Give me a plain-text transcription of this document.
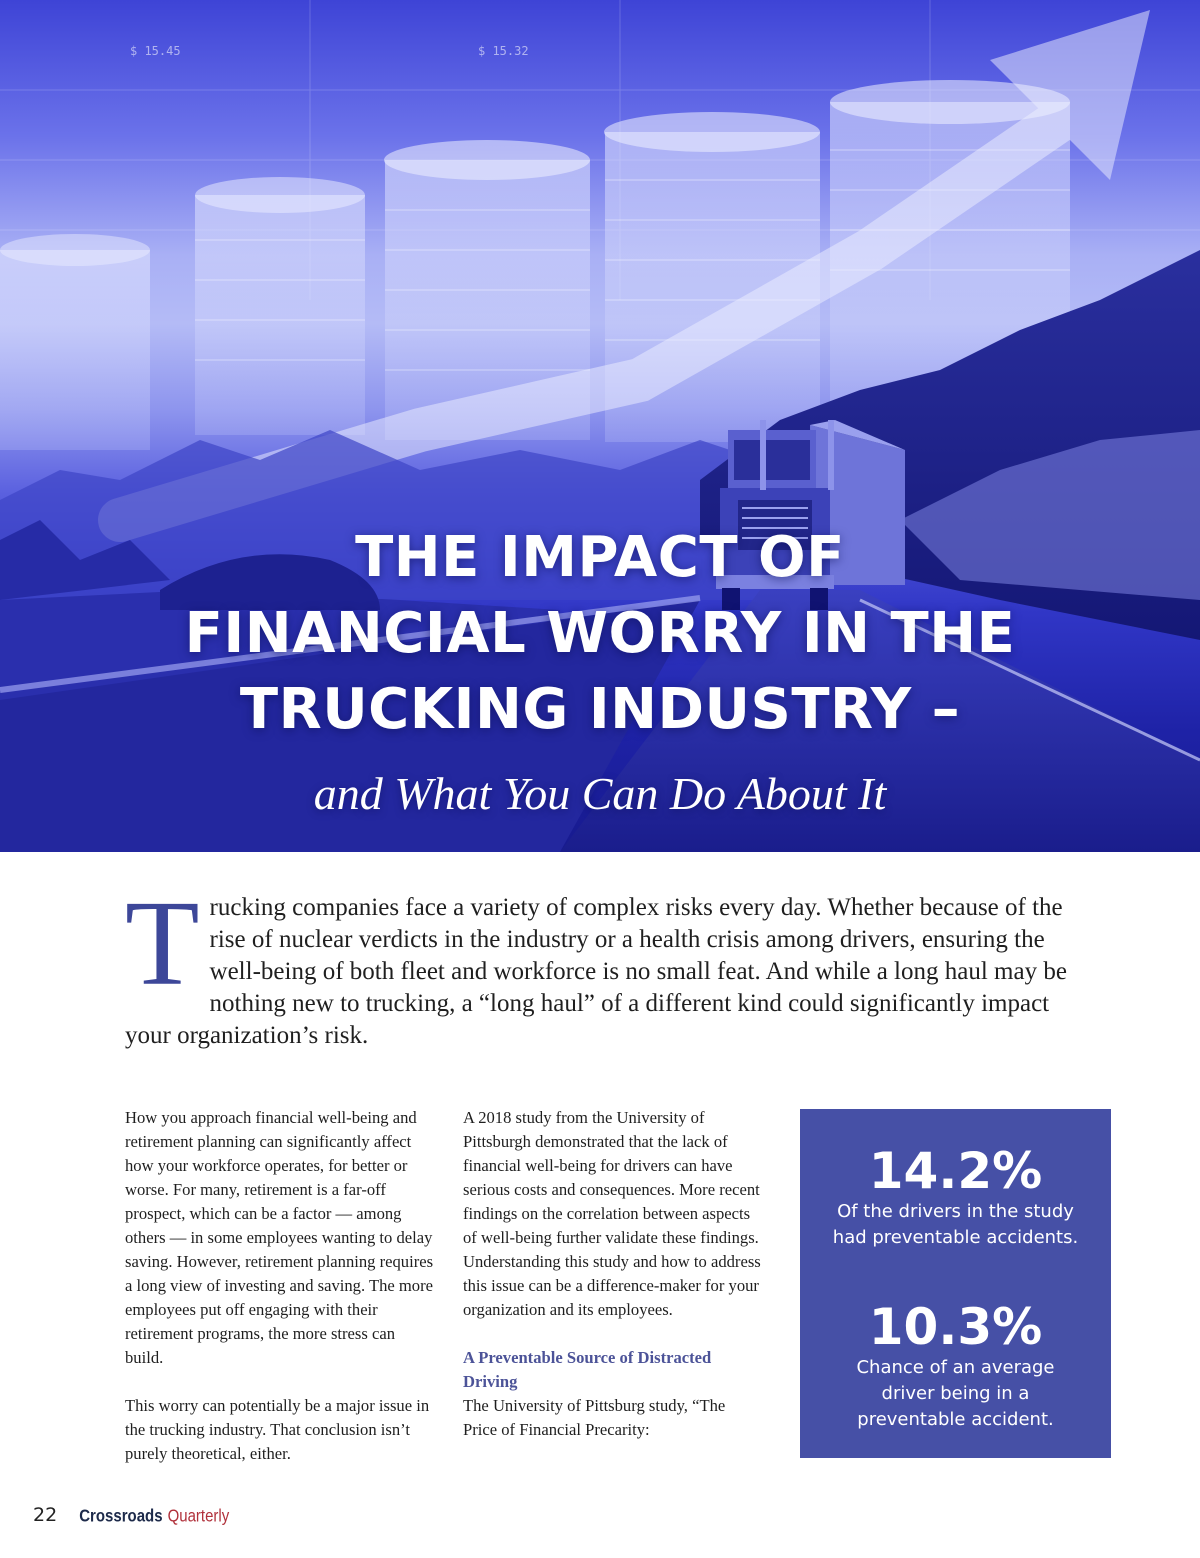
$ 15.45	$ 15.32
THE IMPACT OF
FINANCIAL WORRY IN THE
TRUCKING INDUSTRY –
and What You Can Do About It
T rucking companies face a variety of complex risks every day. Whether because of the rise of nuclear verdicts in the industry or a health crisis among drivers, ensuring the well-being of both fleet and workforce is no small feat. And while a long haul may be nothing new to trucking, a “long haul” of a different kind could significantly impact your organization’s risk.

How you approach financial well-being and retirement planning can significantly affect how your workforce operates, for better or worse. For many, retirement is a far-off prospect, which can be a factor — among others — in some employees wanting to delay saving. However, retirement planning requires a long view of investing and saving. The more employees put off engaging with their retirement programs, the more stress can build.

This worry can potentially be a major issue in the trucking industry. That conclusion isn’t purely theoretical, either.

A 2018 study from the University of Pittsburgh demonstrated that the lack of financial well-being for drivers can have serious costs and consequences. More recent findings on the correlation between aspects of well-being further validate these findings. Understanding this study and how to address this issue can be a difference-maker for your organization and its employees.

A Preventable Source of Distracted Driving

The University of Pittsburg study, “The Price of Financial Precarity:

14.2%
Of the drivers in the study had preventable accidents.
10.3%
Chance of an average driver being in a preventable accident.
22 Crossroads Quarterly
